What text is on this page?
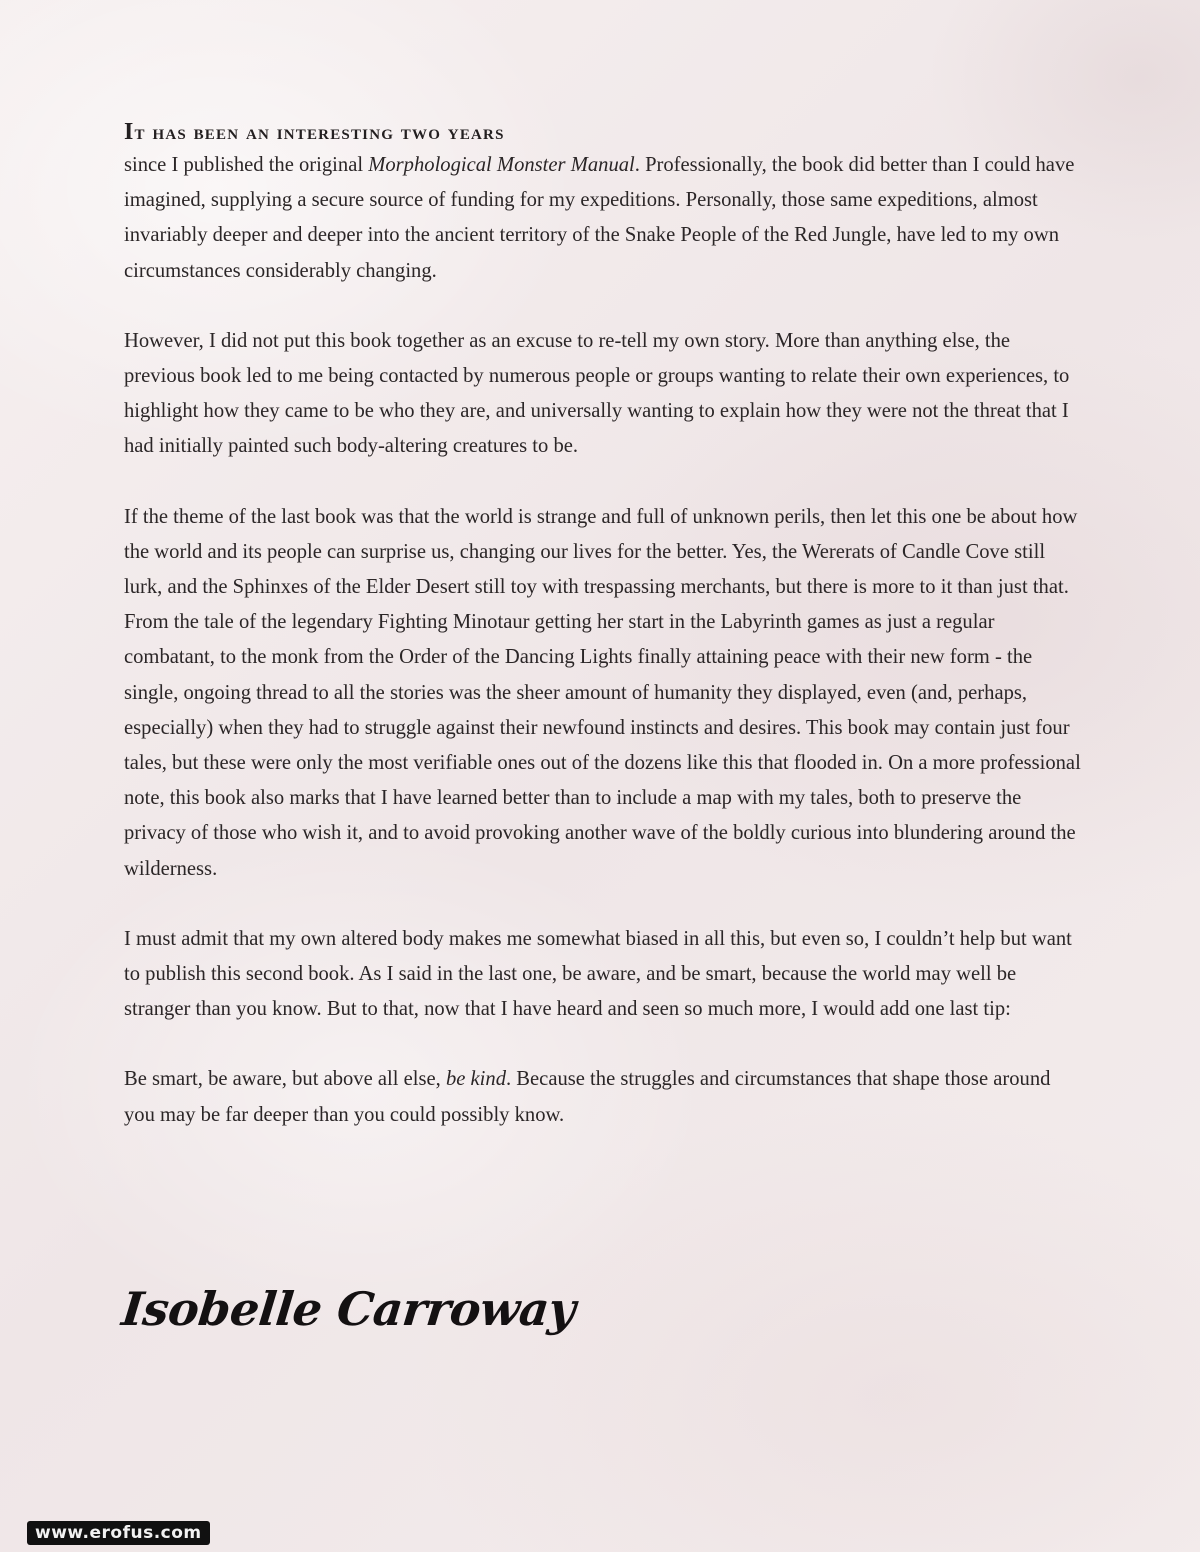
It has been an interesting two years

since I published the original Morphological Monster Manual. Professionally, the book did better than I could have imagined, supplying a secure source of funding for my expeditions. Personally, those same expeditions, almost invariably deeper and deeper into the ancient territory of the Snake People of the Red Jungle, have led to my own circumstances considerably changing.

However, I did not put this book together as an excuse to re-tell my own story. More than anything else, the previous book led to me being contacted by numerous people or groups wanting to relate their own experiences, to highlight how they came to be who they are, and universally wanting to explain how they were not the threat that I had initially painted such body-altering creatures to be.

If the theme of the last book was that the world is strange and full of unknown perils, then let this one be about how the world and its people can surprise us, changing our lives for the better. Yes, the Wererats of Candle Cove still lurk, and the Sphinxes of the Elder Desert still toy with trespassing merchants, but there is more to it than just that. From the tale of the legendary Fighting Minotaur getting her start in the Labyrinth games as just a regular combatant, to the monk from the Order of the Dancing Lights finally attaining peace with their new form - the single, ongoing thread to all the stories was the sheer amount of humanity they displayed, even (and, perhaps, especially) when they had to struggle against their newfound instincts and desires. This book may contain just four tales, but these were only the most verifiable ones out of the dozens like this that flooded in. On a more professional note, this book also marks that I have learned better than to include a map with my tales, both to preserve the privacy of those who wish it, and to avoid provoking another wave of the boldly curious into blundering around the wilderness.

I must admit that my own altered body makes me somewhat biased in all this, but even so, I couldn’t help but want to publish this second book. As I said in the last one, be aware, and be smart, because the world may well be stranger than you know. But to that, now that I have heard and seen so much more, I would add one last tip:

Be smart, be aware, but above all else, be kind. Because the struggles and circumstances that shape those around you may be far deeper than you could possibly know.

Isobelle Carroway
www.erofus.com
